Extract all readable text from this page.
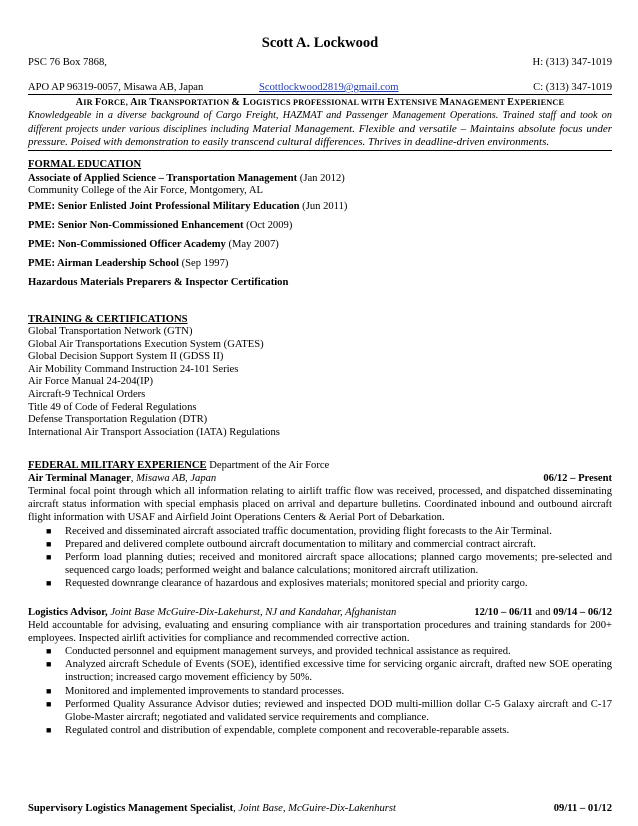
Scott A. Lockwood
PSC 76 Box 7868,	H: (313) 347-1019
APO AP 96319-0057, Misawa AB, Japan	Scottlockwood2819@gmail.com	C: (313) 347-1019
AIR FORCE, AIR TRANSPORTATION & LOGISTICS PROFESSIONAL WITH EXTENSIVE MANAGEMENT EXPERIENCE
Knowledgeable in a diverse background of Cargo Freight, HAZMAT and Passenger Management Operations. Trained staff and took on different projects under various disciplines including Material Management. Flexible and versatile – Maintains absolute focus under pressure. Poised with demonstration to easily transcend cultural differences. Thrives in deadline-driven environments.
FORMAL EDUCATION
Associate of Applied Science – Transportation Management (Jan 2012)
Community College of the Air Force, Montgomery, AL
PME: Senior Enlisted Joint Professional Military Education (Jun 2011)
PME: Senior Non-Commissioned Enhancement (Oct 2009)
PME: Non-Commissioned Officer Academy (May 2007)
PME: Airman Leadership School (Sep 1997)
Hazardous Materials Preparers & Inspector Certification
TRAINING & CERTIFICATIONS
Global Transportation Network (GTN)
Global Air Transportations Execution System (GATES)
Global Decision Support System II (GDSS II)
Air Mobility Command Instruction 24-101 Series
Air Force Manual 24-204(IP)
Aircraft-9 Technical Orders
Title 49 of Code of Federal Regulations
Defense Transportation Regulation (DTR)
International Air Transport Association (IATA) Regulations
FEDERAL MILITARY EXPERIENCE Department of the Air Force
Air Terminal Manager, Misawa AB, Japan	06/12 – Present
Terminal focal point through which all information relating to airlift traffic flow was received, processed, and dispatched disseminating aircraft status information with special emphasis placed on arrival and departure bulletins. Coordinated inbound and outbound aircraft flight information with USAF and Airfield Joint Operations Centers & Aerial Port of Debarkation.
■ Received and disseminated aircraft associated traffic documentation, providing flight forecasts to the Air Terminal.
■ Prepared and delivered complete outbound aircraft documentation to military and commercial contract aircraft.
■ Perform load planning duties; received and monitored aircraft space allocations; planned cargo movements; pre-selected and sequenced cargo loads; performed weight and balance calculations; monitored aircraft utilization.
■ Requested downrange clearance of hazardous and explosives materials; monitored special and priority cargo.
Logistics Advisor, Joint Base McGuire-Dix-Lakehurst, NJ and Kandahar, Afghanistan	12/10 – 06/11 and 09/14 – 06/12
Held accountable for advising, evaluating and ensuring compliance with air transportation procedures and training standards for 200+ employees. Inspected airlift activities for compliance and recommended corrective action.
■ Conducted personnel and equipment management surveys, and provided technical assistance as required.
■ Analyzed aircraft Schedule of Events (SOE), identified excessive time for servicing organic aircraft, drafted new SOE operating instruction; increased cargo movement efficiency by 50%.
■ Monitored and implemented improvements to standard processes.
■ Performed Quality Assurance Advisor duties; reviewed and inspected DOD multi-million dollar C-5 Galaxy aircraft and C-17 Globe-Master aircraft; negotiated and validated service requirements and compliance.
■ Regulated control and distribution of expendable, complete component and recoverable-reparable assets.
Supervisory Logistics Management Specialist, Joint Base, McGuire-Dix-Lakenhurst	09/11 – 01/12
